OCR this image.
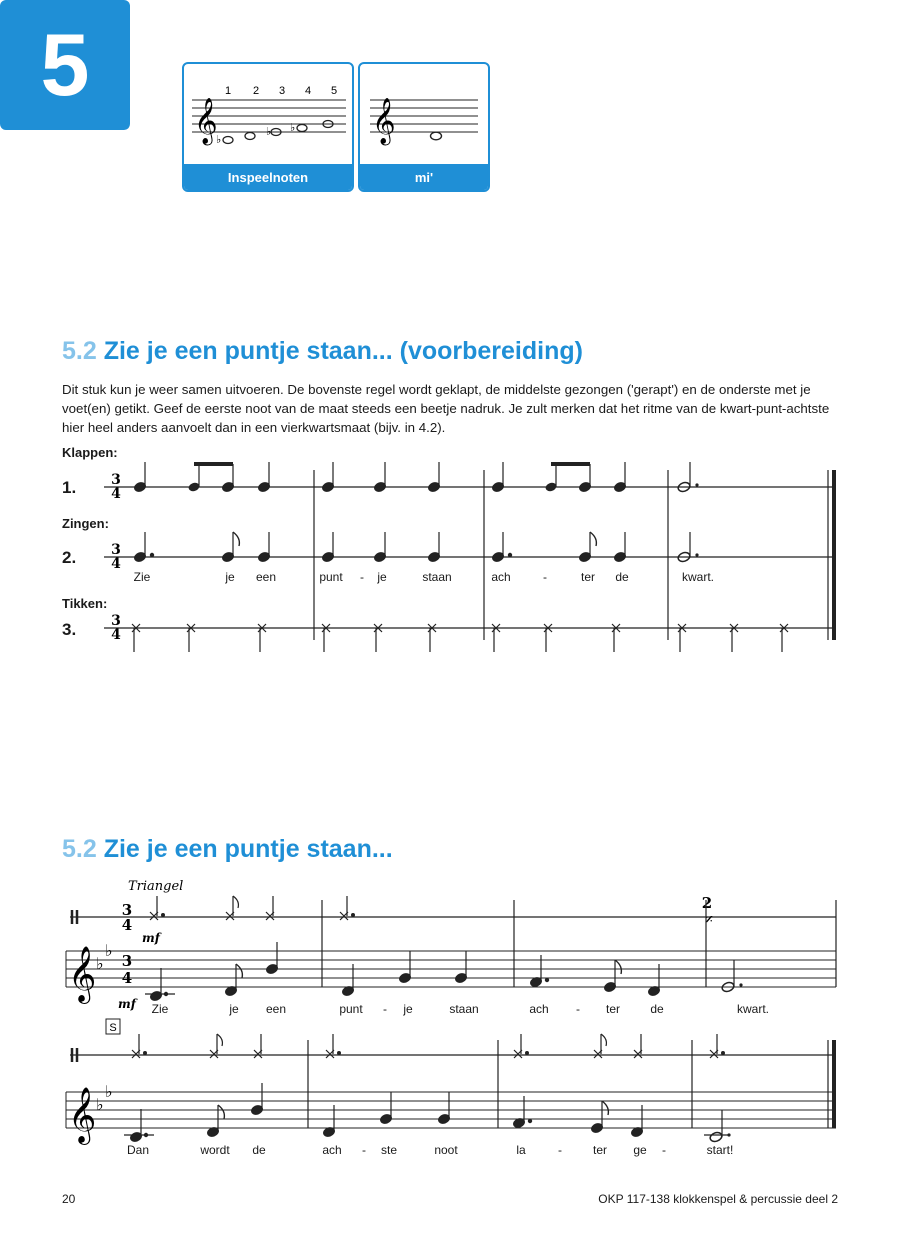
5
𝄞
♭
♭ ♭
1 2 3 4 5
Inspeelnoten
𝄞
mi'
5.2 Zie je een puntje staan... (voorbereiding)
Dit stuk kun je weer samen uitvoeren. De bovenste regel wordt geklapt, de middelste gezongen ('gerapt') en de onderste met je voet(en) getikt. Geef de eerste noot van de maat steeds een beetje nadruk. Je zult merken dat het ritme van de kwart-punt-achtste hier heel anders aanvoelt dan in een vierkwartsmaat (bijv. in 4.2).
Klappen:
1.
Zingen:
2.
Tikken:
3.
3
4
3
4
3
4
Zie	je een	punt - je	staan	ach	-	ter de	kwart.
5.2 Zie je een puntje staan...
Triangel
3
4
mf
2
𝄎
𝄞 ♭
♭
3
4
mf
S
𝄞 ♭
♭
Zie	je een	punt - je	staan	ach - ter	de	kwart.
Dan	wordt de	ach - ste	noot	la	-	ter ge -	start!
20	OKP 117-138 klokkenspel & percussie deel 2
